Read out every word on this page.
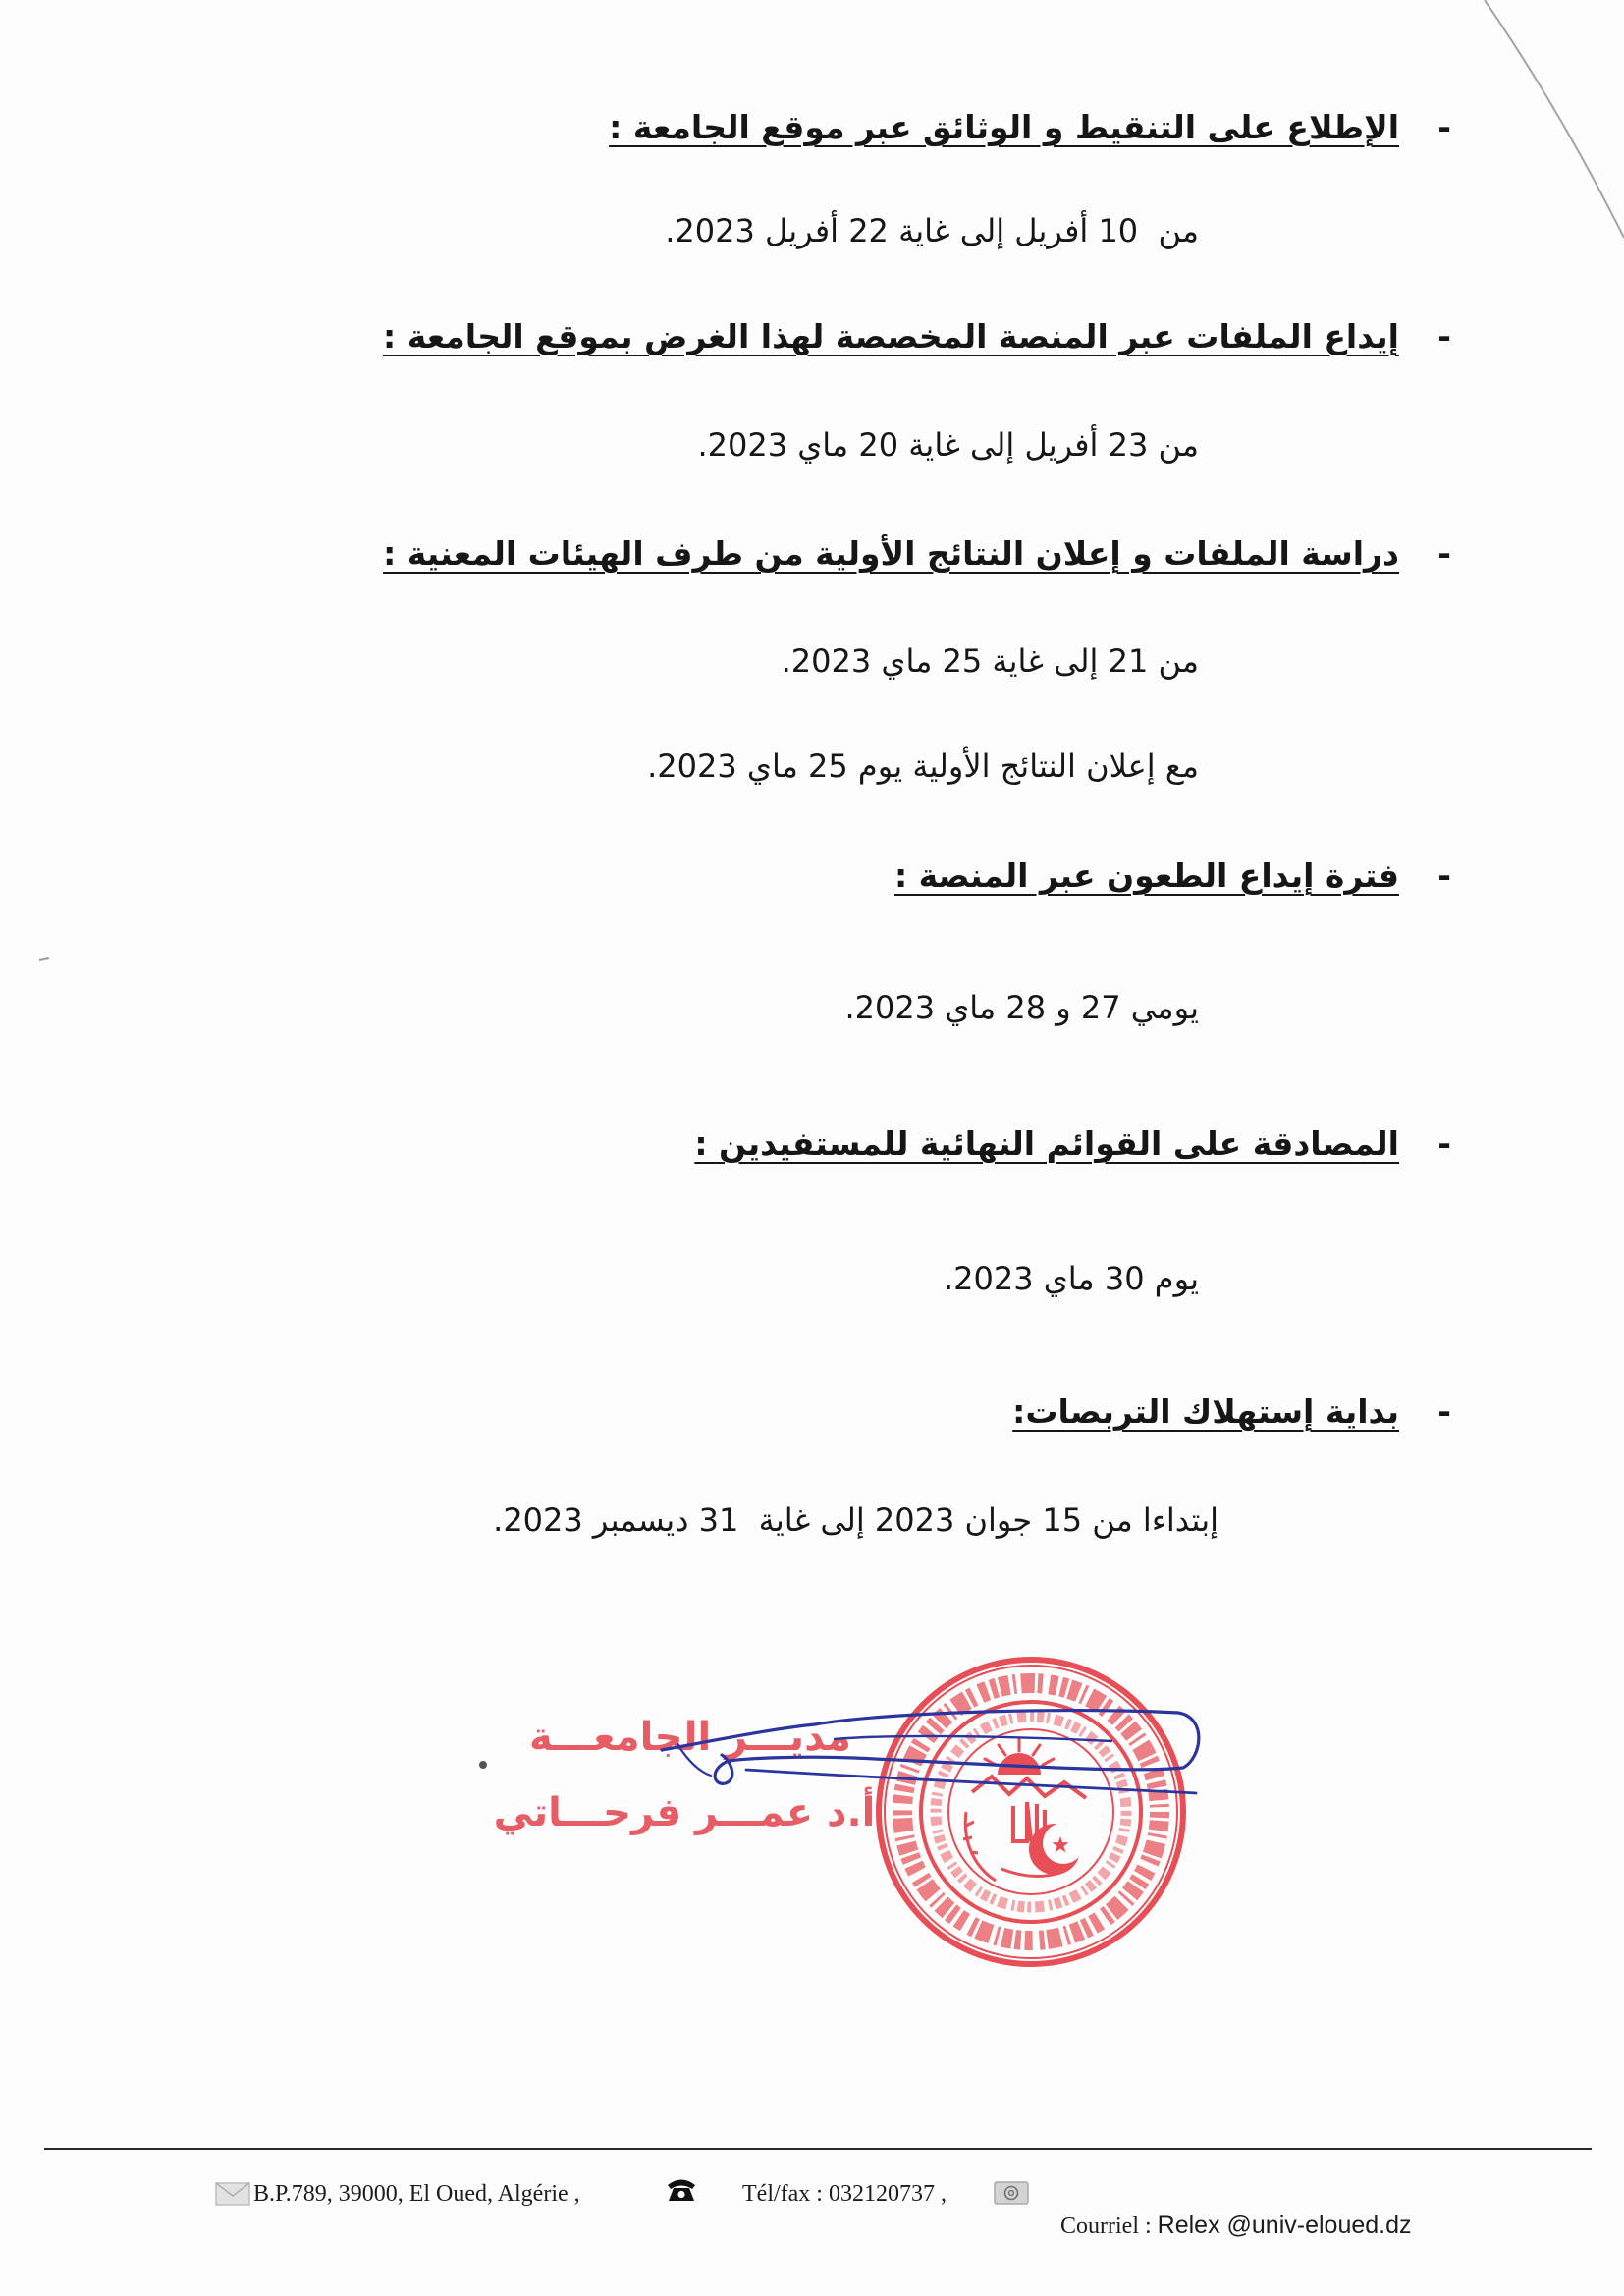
-
الإطلاع على التنقيط و الوثائق عبر موقع الجامعة :
من  10 أفريل إلى غاية 22 أفريل 2023.
-
إيداع الملفات عبر المنصة المخصصة لهذا الغرض بموقع الجامعة :
من 23 أفريل إلى غاية 20 ماي 2023.
-
دراسة الملفات و إعلان النتائج الأولية من طرف الهيئات المعنية :
من 21 إلى غاية 25 ماي 2023.
مع إعلان النتائج الأولية يوم 25 ماي 2023.
-
فترة إيداع الطعون عبر المنصة :
يومي 27 و 28 ماي 2023.
-
المصادقة على القوائم النهائية للمستفيدين :
يوم 30 ماي 2023.
-
بداية إستهلاك التربصات:
إبتداءا من 15 جوان 2023 إلى غاية  31 ديسمبر 2023.
مديـــر الجامعـــة
أ.د عمـــر فرحـــاتي
B.P.789, 39000, El Oued, Algérie ,	Tél/fax : 032120737 ,

Courriel : Relex @univ-eloued.dz
